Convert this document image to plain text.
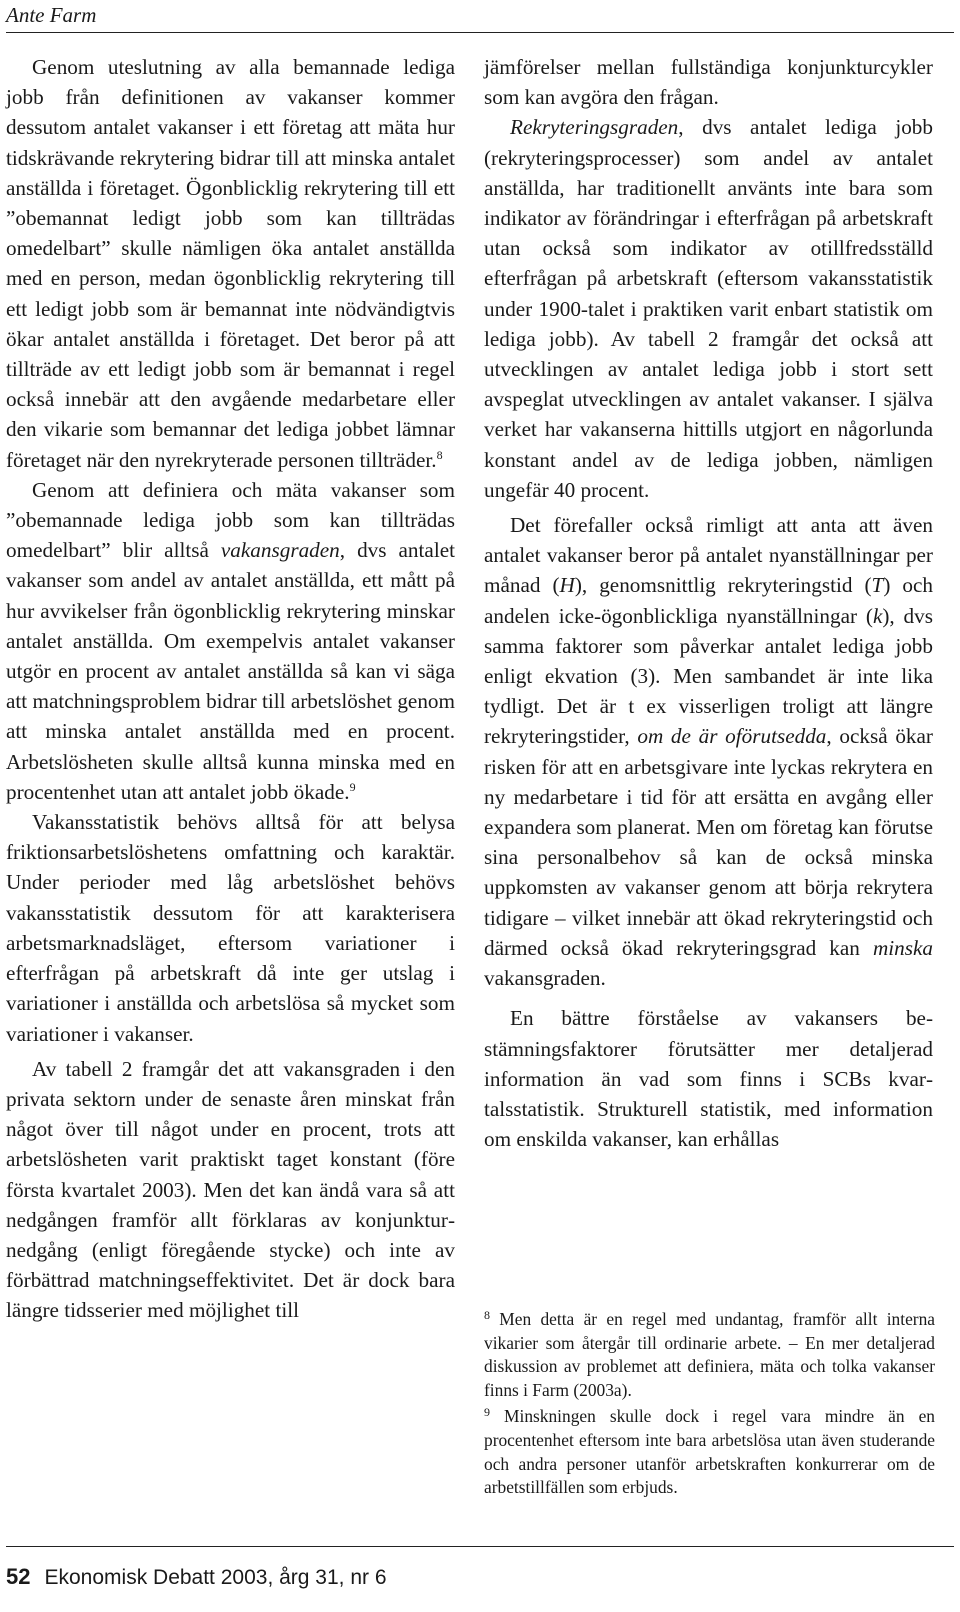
Ante Farm

Genom uteslutning av alla bemannade lediga jobb från definitionen av vakanser kommer dessutom antalet vakanser i ett företag att mäta hur tidskrävande rekrytering bidrar till att minska antalet anställda i företaget. Ögonblicklig rekrytering till ett ”obemannat ledigt jobb som kan tillträdas omedelbart” skulle nämligen öka antalet anställda med en person, medan ögonblicklig rekrytering till ett ledigt jobb som är bemannat inte nödvändigtvis ökar antalet anställda i företaget. Det beror på att tillträde av ett ledigt jobb som är bemannat i regel också innebär att den avgående medarbetare eller den vikarie som bemannar det lediga jobbet lämnar företaget när den nyrekryterade personen tillträder.$^8$

Genom att definiera och mäta vakanser som ”obemannade lediga jobb som kan tillträdas omedelbart” blir alltså vakansgraden, dvs antalet vakanser som andel av antalet anställda, ett mått på hur avvikelser från ögonblicklig rekrytering minskar antalet anställda. Om exempelvis antalet vakanser utgör en procent av antalet anställda så kan vi säga att matchningsproblem bidrar till arbetslöshet genom att minska antalet anställda med en procent. Arbetslösheten skulle alltså kunna minska med en procentenhet utan att antalet jobb ökade.$^9$

Vakansstatistik behövs alltså för att belysa friktionsarbetslöshetens omfattning och karaktär. Under perioder med låg arbetslöshet behövs vakansstatistik dessutom för att karakterisera arbetsmarknadsläget, eftersom variationer i efterfrågan på arbetskraft då inte ger utslag i variationer i anställda och arbetslösa så mycket som variationer i vakanser.

Av tabell 2 framgår det att vakansgraden i den privata sektorn under de senaste åren minskat från något över till något under en procent, trots att arbetslösheten varit praktiskt taget konstant (före första kvartalet 2003). Men det kan ändå vara så att nedgången framför allt förklaras av konjunkturnedgång (enligt föregående stycke) och inte av förbättrad matchningseffektivitet. Det är dock bara längre tidsserier med möjlighet till

jämförelser mellan fullständiga konjunkturcykler som kan avgöra den frågan.

Rekryteringsgraden, dvs antalet lediga jobb (rekryteringsprocesser) som andel av antalet anställda, har traditionellt använts inte bara som indikator av förändringar i efterfrågan på arbetskraft utan också som indikator av otillfredsställd efterfrågan på arbetskraft (eftersom vakansstatistik under 1900-talet i praktiken varit enbart statistik om lediga jobb). Av tabell 2 framgår det också att utvecklingen av antalet lediga jobb i stort sett avspeglat utvecklingen av antalet vakanser. I själva verket har vakanserna hittills utgjort en någorlunda konstant andel av de lediga jobben, nämligen ungefär 40 procent.

Det förefaller också rimligt att anta att även antalet vakanser beror på antalet nyanställningar per månad (H), genomsnittlig rekryteringstid (T) och andelen icke-ögonblickliga nyanställningar (k), dvs samma faktorer som påverkar antalet lediga jobb enligt ekvation (3). Men sambandet är inte lika tydligt. Det är t ex visserligen troligt att längre rekryteringstider, om de är oförutsedda, också ökar risken för att en arbetsgivare inte lyckas rekrytera en ny medarbetare i tid för att ersätta en avgång eller expandera som planerat. Men om företag kan förutse sina personalbehov så kan de också minska uppkomsten av vakanser genom att börja rekrytera tidigare – vilket innebär att ökad rekryteringstid och därmed också ökad rekryteringsgrad kan minska vakansgraden.

En bättre förståelse av vakansers bestämningsfaktorer förutsätter mer detaljerad information än vad som finns i SCBs kvartalsstatistik. Strukturell statistik, med information om enskilda vakanser, kan erhållas

$^8$ Men detta är en regel med undantag, framför allt interna vikarier som återgår till ordinarie arbete. – En mer detaljerad diskussion av problemet att definiera, mäta och tolka vakanser finns i Farm (2003a).

$^9$ Minskningen skulle dock i regel vara mindre än en procentenhet eftersom inte bara arbetslösa utan även studerande och andra personer utanför arbetskraften konkurrerar om de arbetstillfällen som erbjuds.

52 Ekonomisk Debatt 2003, årg 31, nr 6
